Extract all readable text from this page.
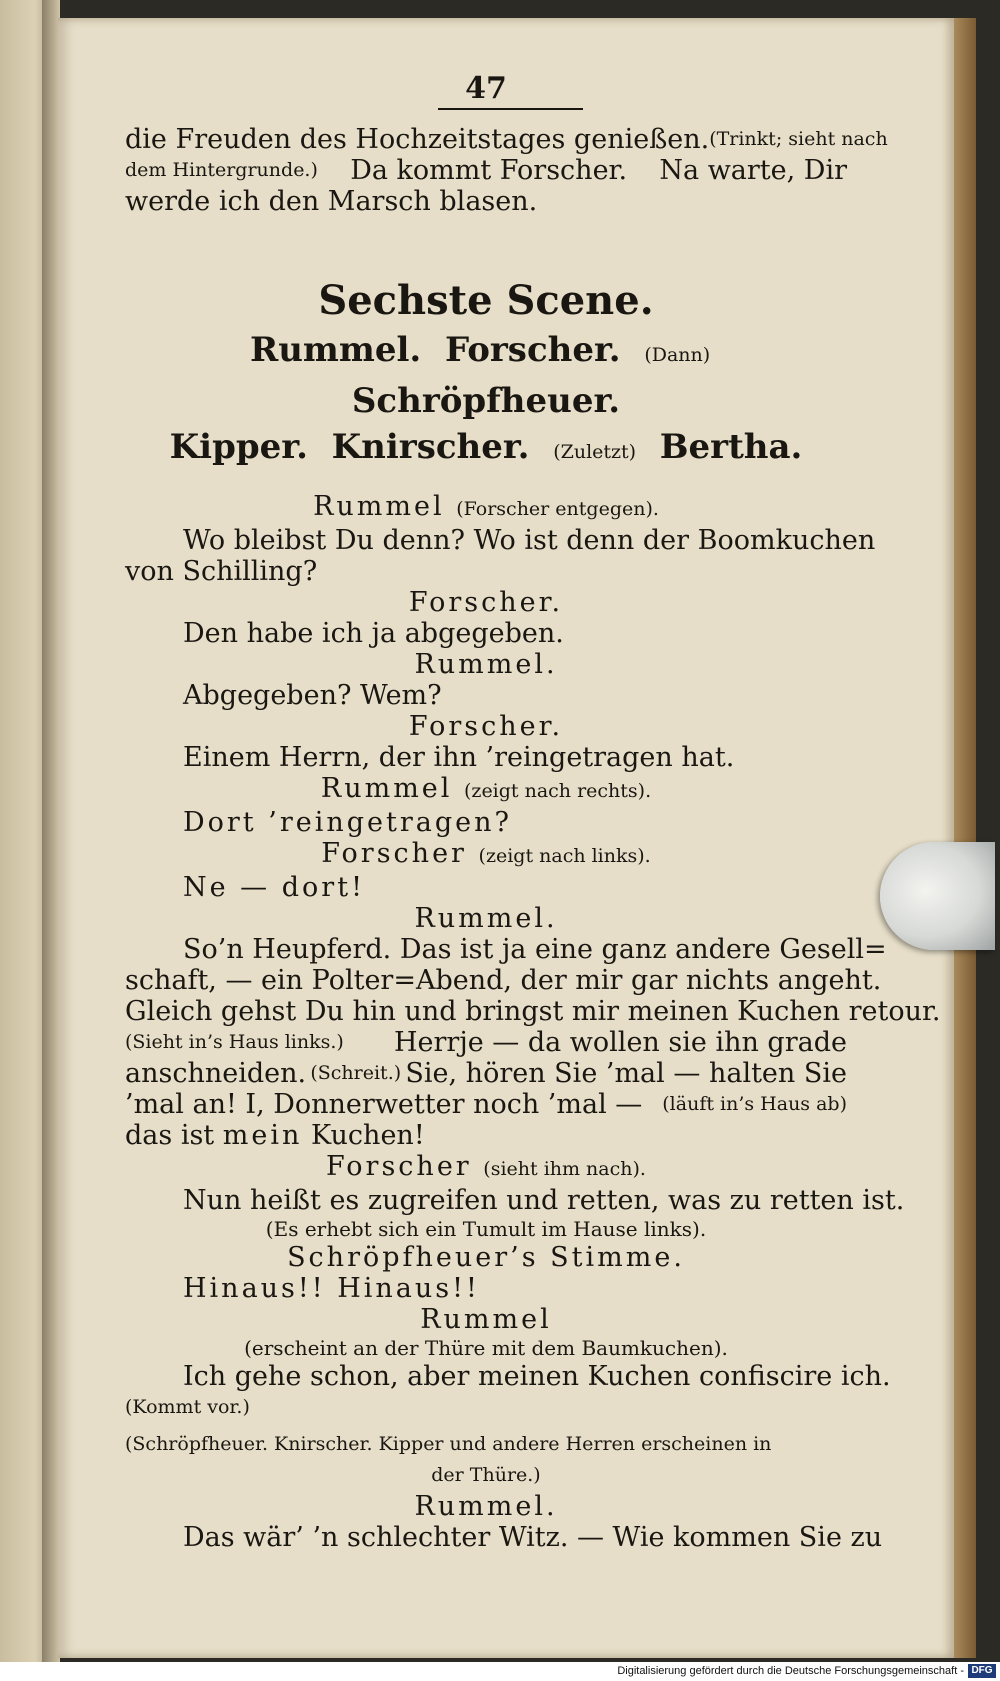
47
die Freuden des Hochzeitstages genießen. (Trinkt; sieht nach
dem Hintergrunde.) Da kommt Forscher. Na warte, Dir
werde ich den Marsch blasen.
Sechste Scene.
Rummel. Forscher. (Dann)  Schröpfheuer.
Kipper. Knirscher. (Zuletzt) Bertha.
Rummel (Forscher entgegen).
Wo bleibst Du denn? Wo ist denn der Boomkuchen
von Schilling?
Forscher.
Den habe ich ja abgegeben.
Rummel.
Abgegeben? Wem?
Forscher.
Einem Herrn, der ihn ’reingetragen hat.
Rummel (zeigt nach rechts).
Dort ’reingetragen?
Forscher (zeigt nach links).
Ne — dort!
Rummel.
So’n Heupferd. Das ist ja eine ganz andere Gesell=
schaft, — ein Polter=Abend, der mir gar nichts angeht.
Gleich gehst Du hin und bringst mir meinen Kuchen retour.
(Sieht in’s Haus links.) Herrje — da wollen sie ihn grade
anschneiden. (Schreit.) Sie, hören Sie ’mal — halten Sie
’mal an! I, Donnerwetter noch ’mal — (läuft in’s Haus ab)
das ist mein Kuchen!
Forscher (sieht ihm nach).
Nun heißt es zugreifen und retten, was zu retten ist.
(Es erhebt sich ein Tumult im Hause links).
Schröpfheuer’s Stimme.
Hinaus!! Hinaus!!
Rummel
(erscheint an der Thüre mit dem Baumkuchen).
Ich gehe schon, aber meinen Kuchen confiscire ich.
(Kommt vor.)
(Schröpfheuer. Knirscher. Kipper und andere Herren erscheinen in
der Thüre.)
Rummel.
Das wär’ ’n schlechter Witz. — Wie kommen Sie zu
Digitalisierung gefördert durch die Deutsche Forschungsgemeinschaft - DFG
